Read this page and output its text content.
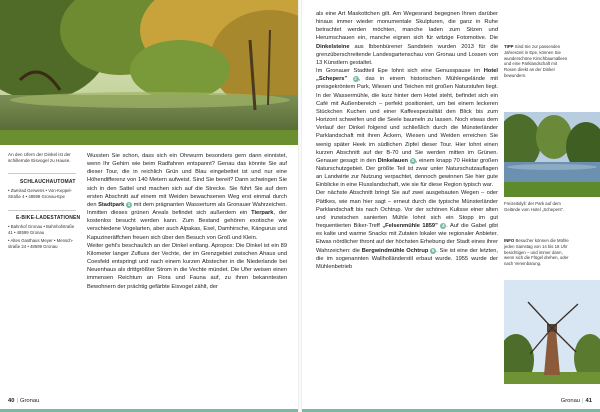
An den Ufern der Dinkel ist der schillernde Eisvogel zu Hause.
SCHLAUCHAUTOMAT
• Zweirad Gerwens • Von-Keppel-Straße 4 • 48599 Gronau-Epe
E-BIKE-LADESTATIONEN
• Bahnhof Gronau • Bahnhofstraße 41 • 48599 Gronau
• Altes Gasthaus Meyer • Menschstraße 24 • 48599 Gronau

Wussten Sie schon, dass sich ein Ohrwurm besonders gern dann einnistet, wenn Ihr Gehirn wie beim Radfahren entspannt? Genau das könnte Sie auf dieser Tour, die in reichlich Grün und Blau eingebettet ist und nur eine Höhendifferenz von 140 Metern aufweist. Sind Sie bereit? Dann schwingen Sie sich in den Sattel und machen sich auf die Strecke. Sie führt Sie auf dem ersten Abschnitt auf einem mit Weiden bewachsenen Weg erst einmal durch den Stadtpark 1 mit dem prägnanten Wasserturm als Gronauer Wahrzeichen. Inmitten dieses grünen Areals befindet sich außerdem ein Tierpark, der kostenlos besucht werden kann. Zum Bestand gehören exotische wie verschiedene Vogelarten, aber auch Alpakas, Esel, Damhirsche, Kängurus und Kapuzineräffchen freuen sich über den Besuch von Groß und Klein.

Weiter geht's beschaulich an der Dinkel entlang. Apropos: Die Dinkel ist ein 89 Kilometer langer Zufluss der Vechte, der im Grenzgebiet zwischen Ahaus und Coesfeld entspringt und nach einem kurzen Abstecher in die Niederlande bei Neuenhaus als drittgrößter Strom in die Vechte mündet. Die Ufer weisen einen immensen Reichtum an Flora und Fauna auf, zu ihren bekanntesten Bewohnern der prächtig gefärbte Eisvogel zählt, der

40 | Gronau

als eine Art Maskottchen gilt. Am Wegesrand begegnen Ihnen darüber hinaus immer wieder monumentale Skulpturen, die ganz in Ruhe betrachtet werden möchten, manche laden zum Sitzen und Herumschauen ein, manche eignen sich für witzige Fotomotive. Die Dinkelsteine aus Ibbenbürener Sandstein wurden 2013 für die grenzüberschreitende Landesgartenschau von Gronau und Lossen von 13 Künstlern gestaltet.

Im Gronauer Stadtteil Epe lohnt sich eine Genusspause im Hotel „Schepers" 2 , das in einem historischen Mühlengelände mit preisgekröntem Park, Wiesen und Teichen mit großen Naturstufen liegt. In der Wassermühle, die kurz hinter dem Hotel steht, befindet sich ein Café mit Außenbereich – perfekt positioniert, um bei einem leckeren Stückchen Kuchen und einer Kaffeespezialität den Blick bis zum Horizont schweifen und die Seele baumeln zu lassen. Noch etwas dem Verlauf der Dinkel folgend und schließlich durch die Münsterländer Parklandschaft mit ihren Äckern, Wiesen und Weiden erreichen Sie wenig später Heek im südlichen Zipfel dieser Tour. Hier lohnt einen kurzen Abschnitt auf der B-70 und Sie werden mitten im Grünen. Genauer gesagt: in den Dinkelauen 3 , einem knapp 70 Hektar großen Naturschutzgebiet. Der größte Teil ist zwar unter Naturschutzauflagen an Landwirte zur Nutzung verpachtet, dennoch gewinnen Sie hier gute Einblicke in eine Flusslandschaft, wie sie für diese Region typisch war.

Der nächste Abschnitt bringt Sie auf zwei ausgebauten Wegen – oder Pättkes, wie man hier sagt – erneut durch die typische Münsterländer Parklandschaft bis nach Ochtrup. Vor der schönen Kulisse einer alten und inzwischen sanierten Mühle lohnt sich ein Stopp im gut frequentierten Biker-Treff „Felsenmühle 1859" 4 . Auf die Gabel gibt es kalte und warme Snacks mit Zutaten lokaler wie regionaler Anbieter. Etwas nördlicher thront auf der höchsten Erhebung der Stadt eines ihrer Wahrzeichen: die Bergwindmühle Ochtrup 5 . Sie ist eine der letzten, die im sogenannten Wallholländerstil erbaut wurde. 1955 wurde der Mühlenbetrieb

TIPP Sind Sie zur passenden Jahreszeit in Epe, können Sie wunderschöne Kirschbaumalleen und eine Parklandschaft mit Rosen direkt an der Dinkel bewundern.
Freizeitidyll: der Park auf dem Gelände vom Hotel „Schepers".
INFO Besucher können die Mühle jeden Samstag von 14 bis 18 Uhr besichtigen – und immer dann, wenn sich die Flügel drehen, oder nach Vereinbarung.
Gronau | 41
